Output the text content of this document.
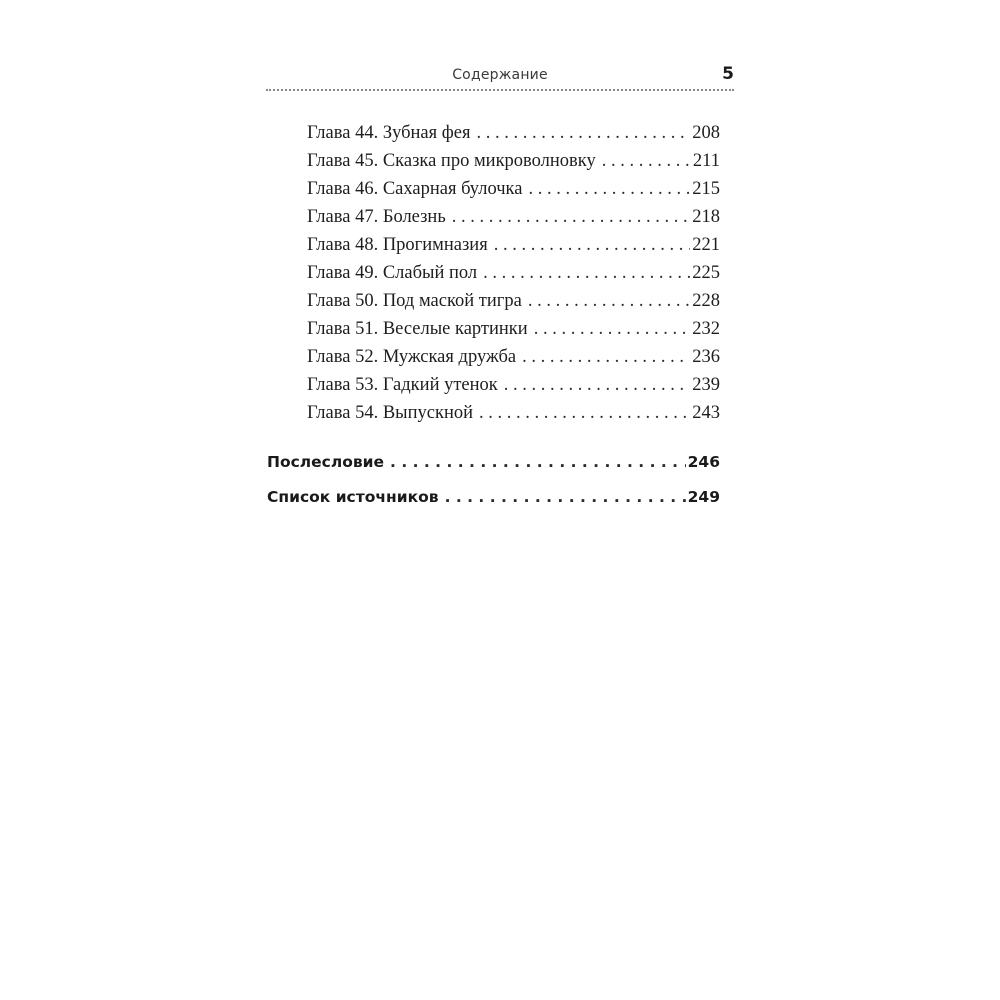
Содержание	5
Глава 44. Зубная фея . . .	208
Глава 45. Сказка про микроволновку . . .	211
Глава 46. Сахарная булочка . . .	215
Глава 47. Болезнь . . .	218
Глава 48. Прогимназия . . .	221
Глава 49. Слабый пол . . .	225
Глава 50. Под маской тигра . . .	228
Глава 51. Веселые картинки . . .	232
Глава 52. Мужская дружба . . .	236
Глава 53. Гадкий утенок . . .	239
Глава 54. Выпускной . . .	243
Послесловие . . .	246
Список источников . . .	249
